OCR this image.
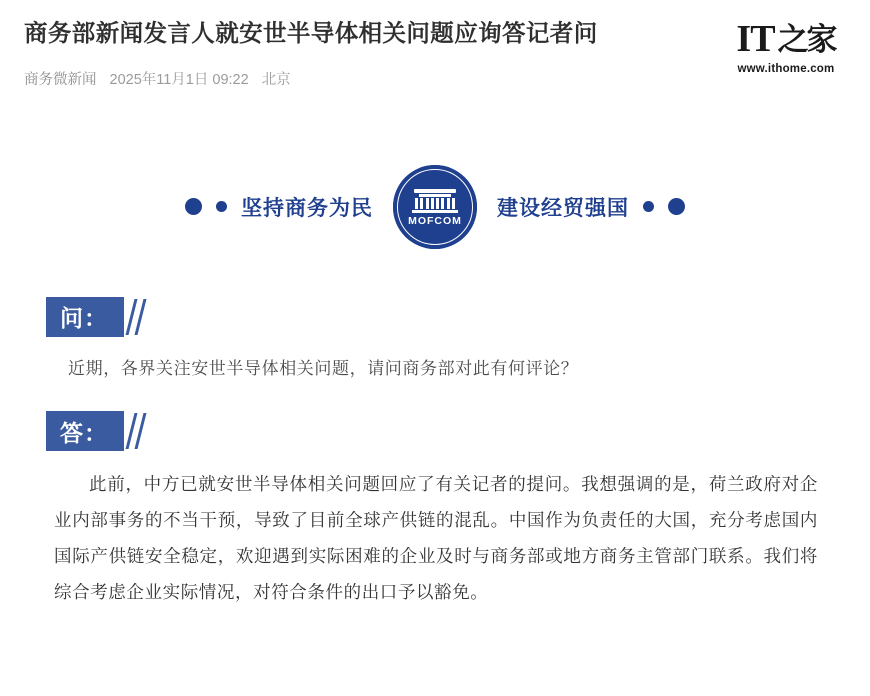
商务部新闻发言人就安世半导体相关问题应询答记者问
商务微新闻 2025年11月1日 09:22 北京
IT 之家
www.ithome.com
坚持商务为民
MOFCOM
建设经贸强国
问：

近期，各界关注安世半导体相关问题，请问商务部对此有何评论？

答：

此前，中方已就安世半导体相关问题回应了有关记者的提问。我想强调的是，荷兰政府对企业内部事务的不当干预，导致了目前全球产供链的混乱。中国作为负责任的大国，充分考虑国内国际产供链安全稳定，欢迎遇到实际困难的企业及时与商务部或地方商务主管部门联系。我们将综合考虑企业实际情况，对符合条件的出口予以豁免。
